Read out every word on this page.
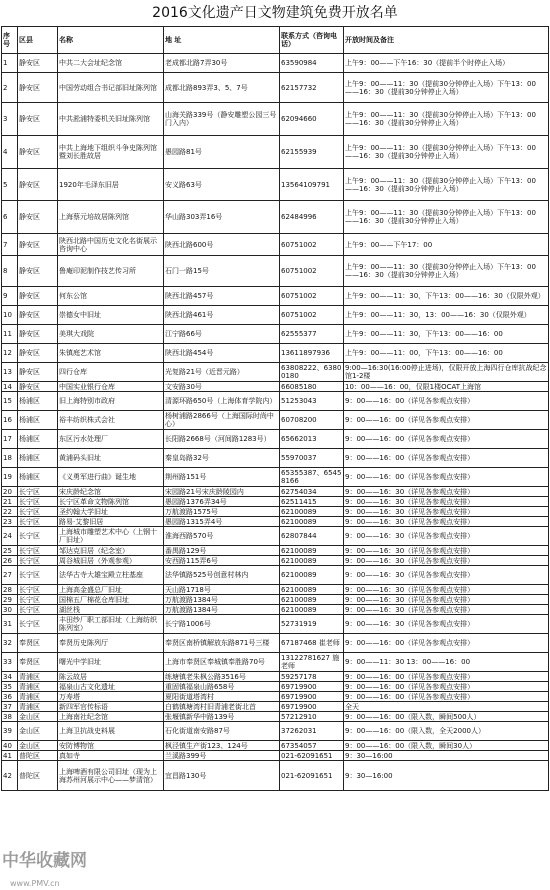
2016文化遗产日文物建筑免费开放名单
序号	区县	名称	地 址	联系方式（咨询电话）	开放时间及备注
1	静安区	中共二大会址纪念馆	老成都北路7弄30号	63590984	上午9：00——下午16：30（提前半个时停止入场）
2	静安区	中国劳动组合书记部旧址陈列馆	成都北路893弄3、5、7号	62157732	上午9：00——11：30（提前30分钟停止入场）下午13：00——16：30（提前30分钟停止入场）
3	静安区	中共淞浦特委机关旧址陈列馆	山海关路339号（静安雕塑公园三号门入内）	62094660	上午9：00——11：30（提前30分钟停止入场）下午13：00——16：30（提前30分钟停止入场）
4	静安区	中共上海地下组织斗争史陈列馆暨刘长胜故居	愚园路81号	62155939	上午9：00——11：30（提前30分钟停止入场）下午13：00——16：30（提前30分钟停止入场）
5	静安区	1920年毛泽东旧居	安义路63号	13564109791	上午9：00——11：30（提前30分钟停止入场）下午13：00——16：30（提前30分钟停止入场）
6	静安区	上海蔡元培故居陈列馆	华山路303弄16号	62484996	上午9：00——11：30（提前30分钟停止入场）下午13：00——16：30（提前30分钟停止入场）
7	静安区	陕西北路中国历史文化名街展示咨询中心	陕西北路600号	60751002	上午9：00——下午17：00
8	静安区	鲁庵印泥制作技艺传习所	石门一路15号	60751002	上午9：00——11：30（提前30分钟停止入场）下午13：00——16：30（提前30分钟停止入场）
9	静安区	何东公馆	陕西北路457号	60751002	上午9：00——11：30，下午13：00——16：30（仅限外观）
10	静安区	崇德女中旧址	陕西北路461号	60751002	上午9：00——11：30，13：00——16：30（仅限外观）
11	静安区	美琪大戏院	江宁路66号	62555377	上午9：00——11：30，下午13：00——16：00
12	静安区	朱镇庭艺术馆	陕西北路454号	13611897936	上午9：00——11：00，下午13：00——16：00
13	静安区	四行仓库	光复路21号（近晋元路）	63808222、63800180	9:00—16:30(16:00停止进场)，仅限开放上海四行仓库抗战纪念馆1-2楼
14	静安区	中国实业银行仓库	文安路30号	66085180	10：00——16：00，仅限1楼OCAT上海馆
15	杨浦区	旧上海特别市政府	清源环路650号（上海体育学院内）	51253043	9：00——16：00（详见各参观点安排）
16	杨浦区	裕丰纺织株式会社	杨树浦路2866号（上海国际时尚中心）	60708200	9：00——16：00（详见各参观点安排）
17	杨浦区	东区污水处理厂	长阳路2668号（河间路1283号）	65662013	9：00——16：00（详见各参观点安排）
18	杨浦区	黄浦码头旧址	秦皇岛路32号	55970037	9：00——16：00（详见各参观点安排）
19	杨浦区	《义勇军进行曲》诞生地	荆州路151号	65355387、65458166	9：00——16：00（详见各参观点安排）
20	长宁区	宋庆龄纪念馆	宋园路21号宋庆龄陵园内	62754034	9：00——16：30（详见各参观点安排）
21	长宁区	长宁区革命文物陈列馆	愚园路1376弄34号	62511415	9：00——16：30（详见各参观点安排）
22	长宁区	圣约翰大学旧址	万航渡路1575号	62100089	9：00——16：30（详见各参观点安排）
23	长宁区	路易·艾黎旧居	愚园路1315弄4号	62100089	9：00——16：30（详见各参观点安排）
24	长宁区	上海城市雕塑艺术中心（上钢十厂旧址）	淮海西路570号	62807844	9：00——16：30（详见各参观点安排）
25	长宁区	邹达克旧居（纪念室）	番禺路129号	62100089	9：00——16：30（详见各参观点安排）
26	长宁区	周谷城旧居（外观参观）	安西路115弄6号	62100089	9：00——16：30（详见各参观点安排）
27	长宁区	法华古寺大雄宝殿立柱基座	法华镇路525号创意村林内	62100089	9：00——16：30（详见各参观点安排）
28	长宁区	上海高金盛总厂旧址	天山路1718号	62100089	9：00——16：30（详见各参观点安排）
29	长宁区	国棉五厂棉花仓库旧址	万航渡路1384号	62100089	9：00——16：30（详见各参观点安排）
30	长宁区	湖丝栈	万航渡路1384号	62100089	9：00——16：30（详见各参观点安排）
31	长宁区	丰田纱厂职工部旧址（上海纺织陈列室）	长宁路1006号	52731919	9：00——16：30（详见各参观点安排）
32	奉贤区	奉贤历史陈列厅	奉贤区南桥镇解放东路871号三楼	67187468 崔老师	9：00——16：00（详见各参观点安排）
33	奉贤区	曙光中学旧址	上海市奉贤区奉城镇奉胜路70号	13122781627 施老师	9：00——11：30 13：00——16：00
34	青浦区	陈云故居	练塘镇老朱枫公路3516号	59257178	9：00——16：00（详见各参观点安排）
35	青浦区	福泉山古文化遗址	重固镇福泉山路658号	69719900	9：00——16：00（详见各参观点安排）
36	青浦区	万寿塔	夏阳街道塔湾村	69719900	9：00——16：00（详见各参观点安排）
37	青浦区	新四军官传标语	白鹤镇塘湾村旧青浦老街北首	69719900	全天
38	金山区	上海南社纪念馆	张堰镇新华中路139号	57212910	9：00——16：00（限入数，瞬间500人）
39	金山区	上海卫抗战史料展	石化街道南安路87号	37262031	9：00——16：00（限入数，全天2000人）
40	金山区	安防博物馆	枫泾镇生产街123、124号	67354057	9：00——16：00（限入数，瞬间30人）
41	普陀区	真如寺	兰溪路399号	021-62091651	9：30—16:00
42	普陀区	上海啤酒有限公司旧址（现为上海苏州河展示中心——梦清馆）	宜昌路130号	021-62091651	9：30—16:00
中华收藏网
www.PMV.cn
